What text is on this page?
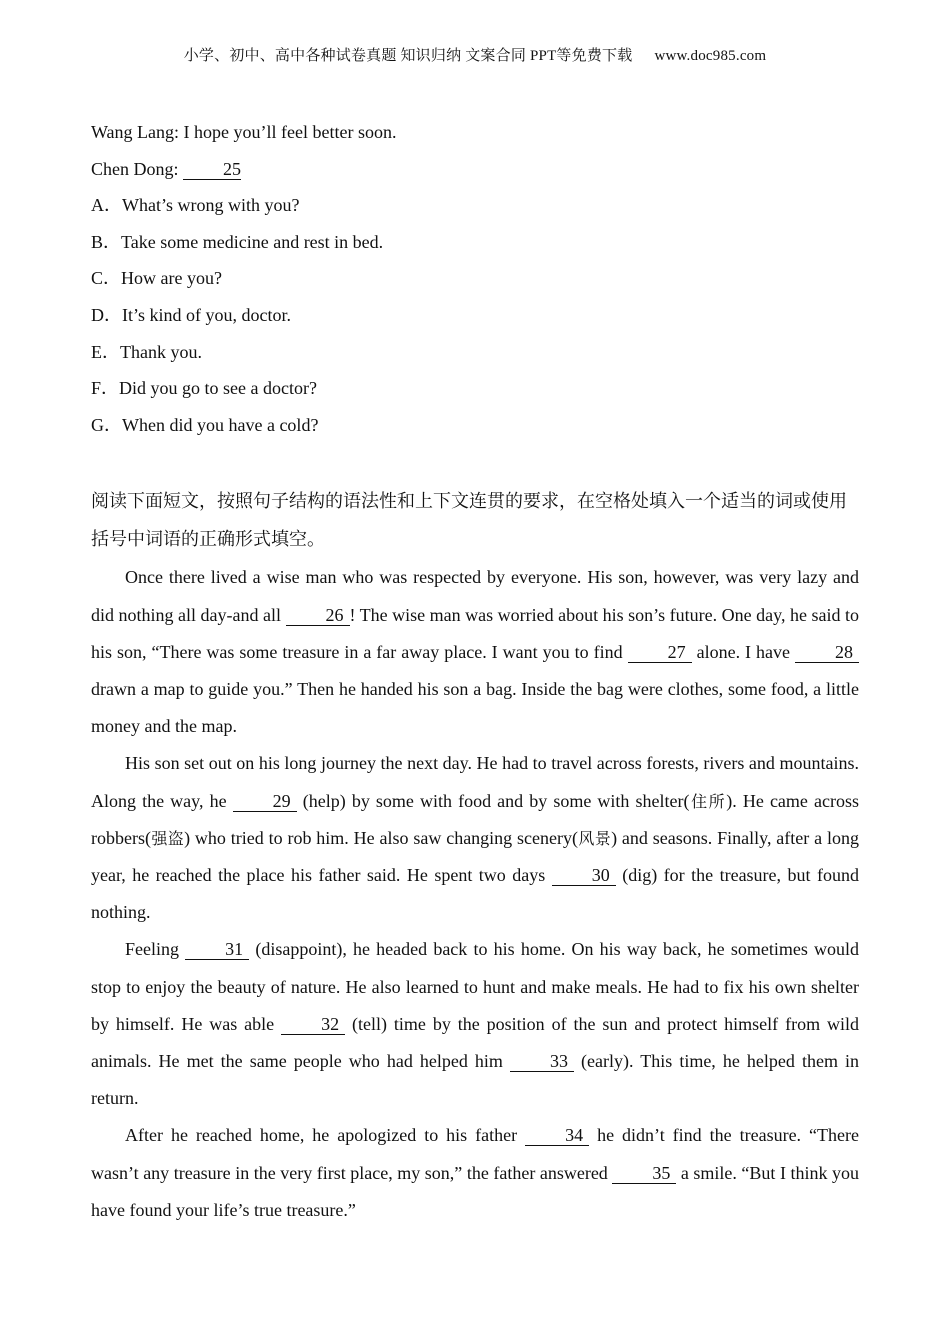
小学、初中、高中各种试卷真题 知识归纳 文案合同 PPT等免费下载 www.doc985.com
Wang Lang: I hope you’ll feel better soon.
Chen Dong: 25
A．What’s wrong with you?
B．Take some medicine and rest in bed.
C．How are you?
D．It’s kind of you, doctor.
E．Thank you.
F．Did you go to see a doctor?
G．When did you have a cold?
阅读下面短文，按照句子结构的语法性和上下文连贯的要求，在空格处填入一个适当的词或使用括号中词语的正确形式填空。
Once there lived a wise man who was respected by everyone. His son, however, was very lazy and did nothing all day-and all 26 ! The wise man was worried about his son’s future. One day, he said to his son, “There was some treasure in a far away place. I want you to find 27 alone. I have 28 drawn a map to guide you.” Then he handed his son a bag. Inside the bag were clothes, some food, a little money and the map.
His son set out on his long journey the next day. He had to travel across forests, rivers and mountains. Along the way, he 29 (help) by some with food and by some with shelter(住所). He came across robbers(强盗) who tried to rob him. He also saw changing scenery(风景) and seasons. Finally, after a long year, he reached the place his father said. He spent two days 30 (dig) for the treasure, but found nothing.
Feeling 31 (disappoint), he headed back to his home. On his way back, he sometimes would stop to enjoy the beauty of nature. He also learned to hunt and make meals. He had to fix his own shelter by himself. He was able 32 (tell) time by the position of the sun and protect himself from wild animals. He met the same people who had helped him 33 (early). This time, he helped them in return.
After he reached home, he apologized to his father 34 he didn’t find the treasure. “There wasn’t any treasure in the very first place, my son,” the father answered 35 a smile. “But I think you have found your life’s true treasure.”
